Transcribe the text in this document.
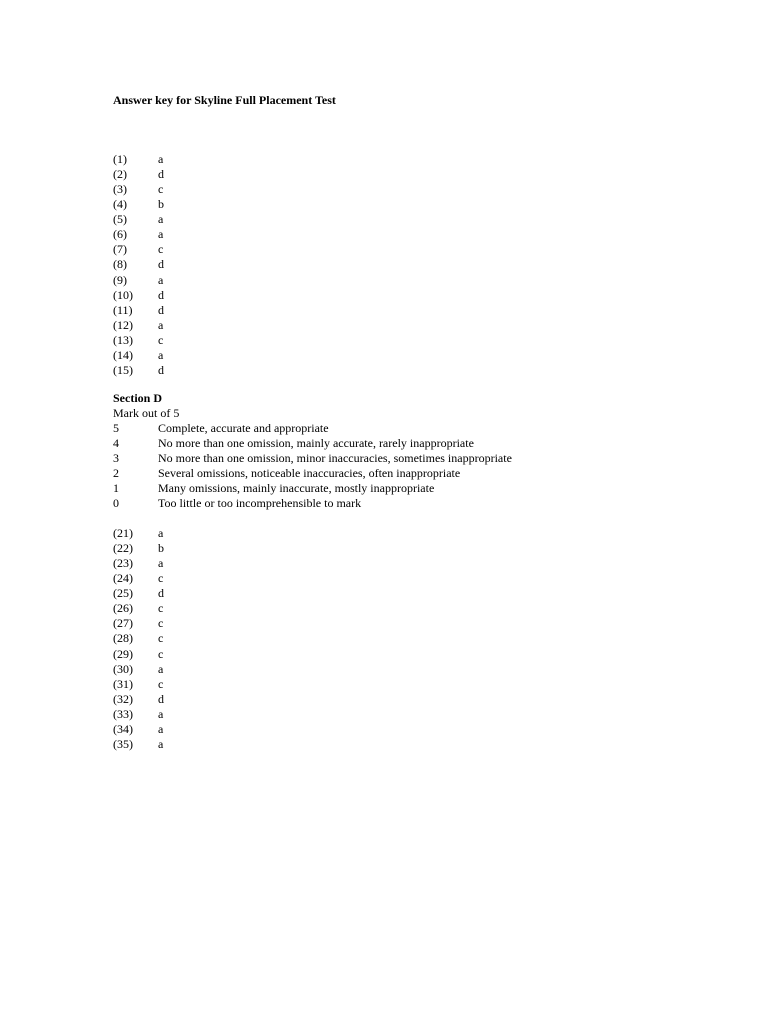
Answer key for Skyline Full Placement Test

(1)	a
(2)	d
(3)	c
(4)	b
(5)	a
(6)	a
(7)	c
(8)	d
(9)	a
(10)	d
(11)	d
(12)	a
(13)	c
(14)	a
(15)	d
Section D
Mark out of 5
5	Complete, accurate and appropriate
4	No more than one omission, mainly accurate, rarely inappropriate
3	No more than one omission, minor inaccuracies, sometimes inappropriate
2	Several omissions, noticeable inaccuracies, often inappropriate
1	Many omissions, mainly inaccurate, mostly inappropriate
0	Too little or too incomprehensible to mark
(21)	a
(22)	b
(23)	a
(24)	c
(25)	d
(26)	c
(27)	c
(28)	c
(29)	c
(30)	a
(31)	c
(32)	d
(33)	a
(34)	a
(35)	a
